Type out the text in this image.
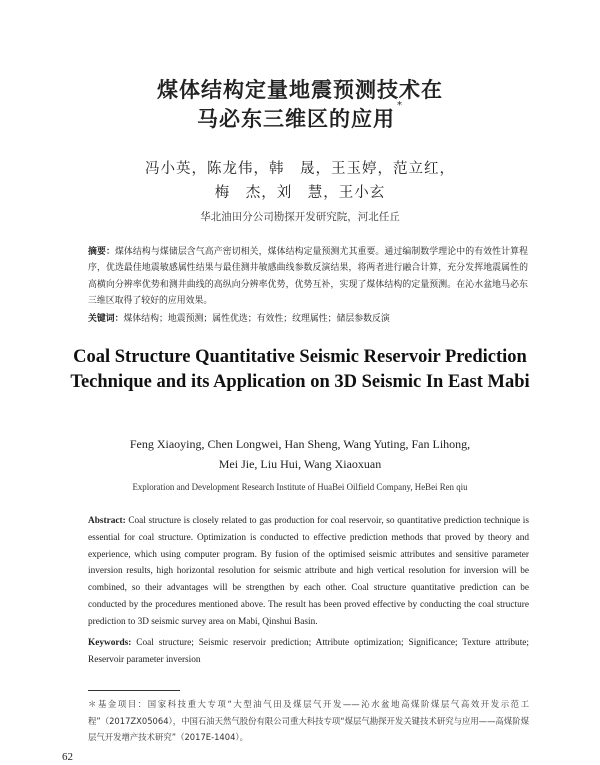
煤体结构定量地震预测技术在
马必东三维区的应用*
冯小英，陈龙伟，韩　晟，王玉婷，范立红，
梅　杰，刘　慧，王小玄
华北油田分公司勘探开发研究院，河北任丘
摘要：煤体结构与煤储层含气高产密切相关，煤体结构定量预测尤其重要。通过编制数学理论中的有效性计算程序，优选最佳地震敏感属性结果与最佳测井敏感曲线参数反演结果，将两者进行融合计算，充分发挥地震属性的高横向分辨率优势和测井曲线的高纵向分辨率优势，优势互补，实现了煤体结构的定量预测。在沁水盆地马必东三维区取得了较好的应用效果。
关键词：煤体结构；地震预测；属性优选；有效性；纹理属性；储层参数反演
Coal Structure Quantitative Seismic Reservoir Prediction
Technique and its Application on 3D Seismic In East Mabi
Feng Xiaoying, Chen Longwei, Han Sheng, Wang Yuting, Fan Lihong,
Mei Jie, Liu Hui, Wang Xiaoxuan
Exploration and Development Research Institute of HuaBei Oilfield Company, HeBei Ren qiu
Abstract: Coal structure is closely related to gas production for coal reservoir, so quantitative prediction technique is essential for coal structure. Optimization is conducted to effective prediction methods that proved by theory and experience, which using computer program. By fusion of the optimised seismic attributes and sensitive parameter inversion results, high horizontal resolution for seismic attribute and high vertical resolution for inversion will be combined, so their advantages will be strengthen by each other. Coal structure quantitative prediction can be conducted by the procedures mentioned above. The result has been proved effective by conducting the coal structure prediction to 3D seismic survey area on Mabi, Qinshui Basin.
Keywords: Coal structure; Seismic reservoir prediction; Attribute optimization; Significance; Texture attribute; Reservoir parameter inversion
＊基金项目：国家科技重大专项“大型油气田及煤层气开发——沁水盆地高煤阶煤层气高效开发示范工程”（2017ZX05064），中国石油天然气股份有限公司重大科技专项“煤层气勘探开发关键技术研究与应用——高煤阶煤层气开发增产技术研究”（2017E-1404）。
62
